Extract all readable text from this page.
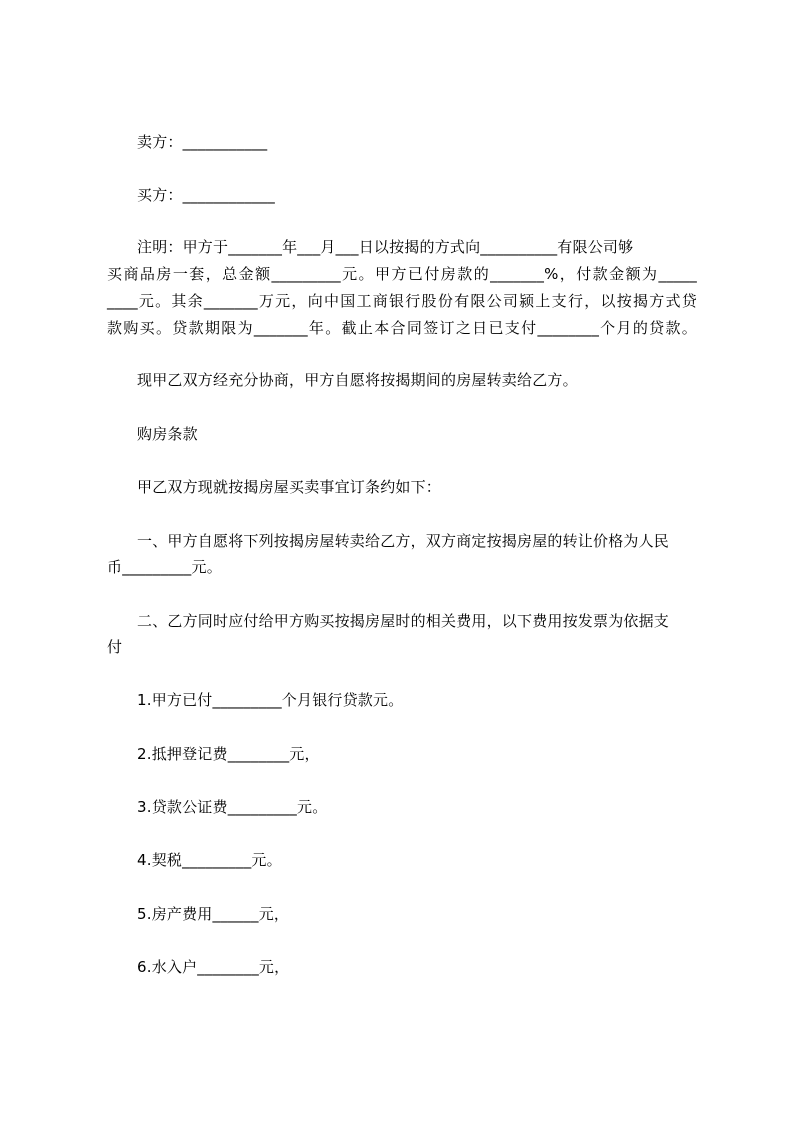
卖方：___________
买方：____________
注明：甲方于_______年___月___日以按揭的方式向__________有限公司够
买商品房一套，总金额_________元。甲方已付房款的_______%，付款金额为_____
____元。其余_______万元，向中国工商银行股份有限公司颍上支行，以按揭方式贷
款购买。贷款期限为_______年。截止本合同签订之日已支付________个月的贷款。
现甲乙双方经充分协商，甲方自愿将按揭期间的房屋转卖给乙方。
购房条款
甲乙双方现就按揭房屋买卖事宜订条约如下：
一、甲方自愿将下列按揭房屋转卖给乙方，双方商定按揭房屋的转让价格为人民
币_________元。
二、乙方同时应付给甲方购买按揭房屋时的相关费用，以下费用按发票为依据支
付
1.甲方已付_________个月银行贷款元。
2.抵押登记费________元，
3.贷款公证费_________元。
4.契税_________元。
5.房产费用______元，
6.水入户________元，
